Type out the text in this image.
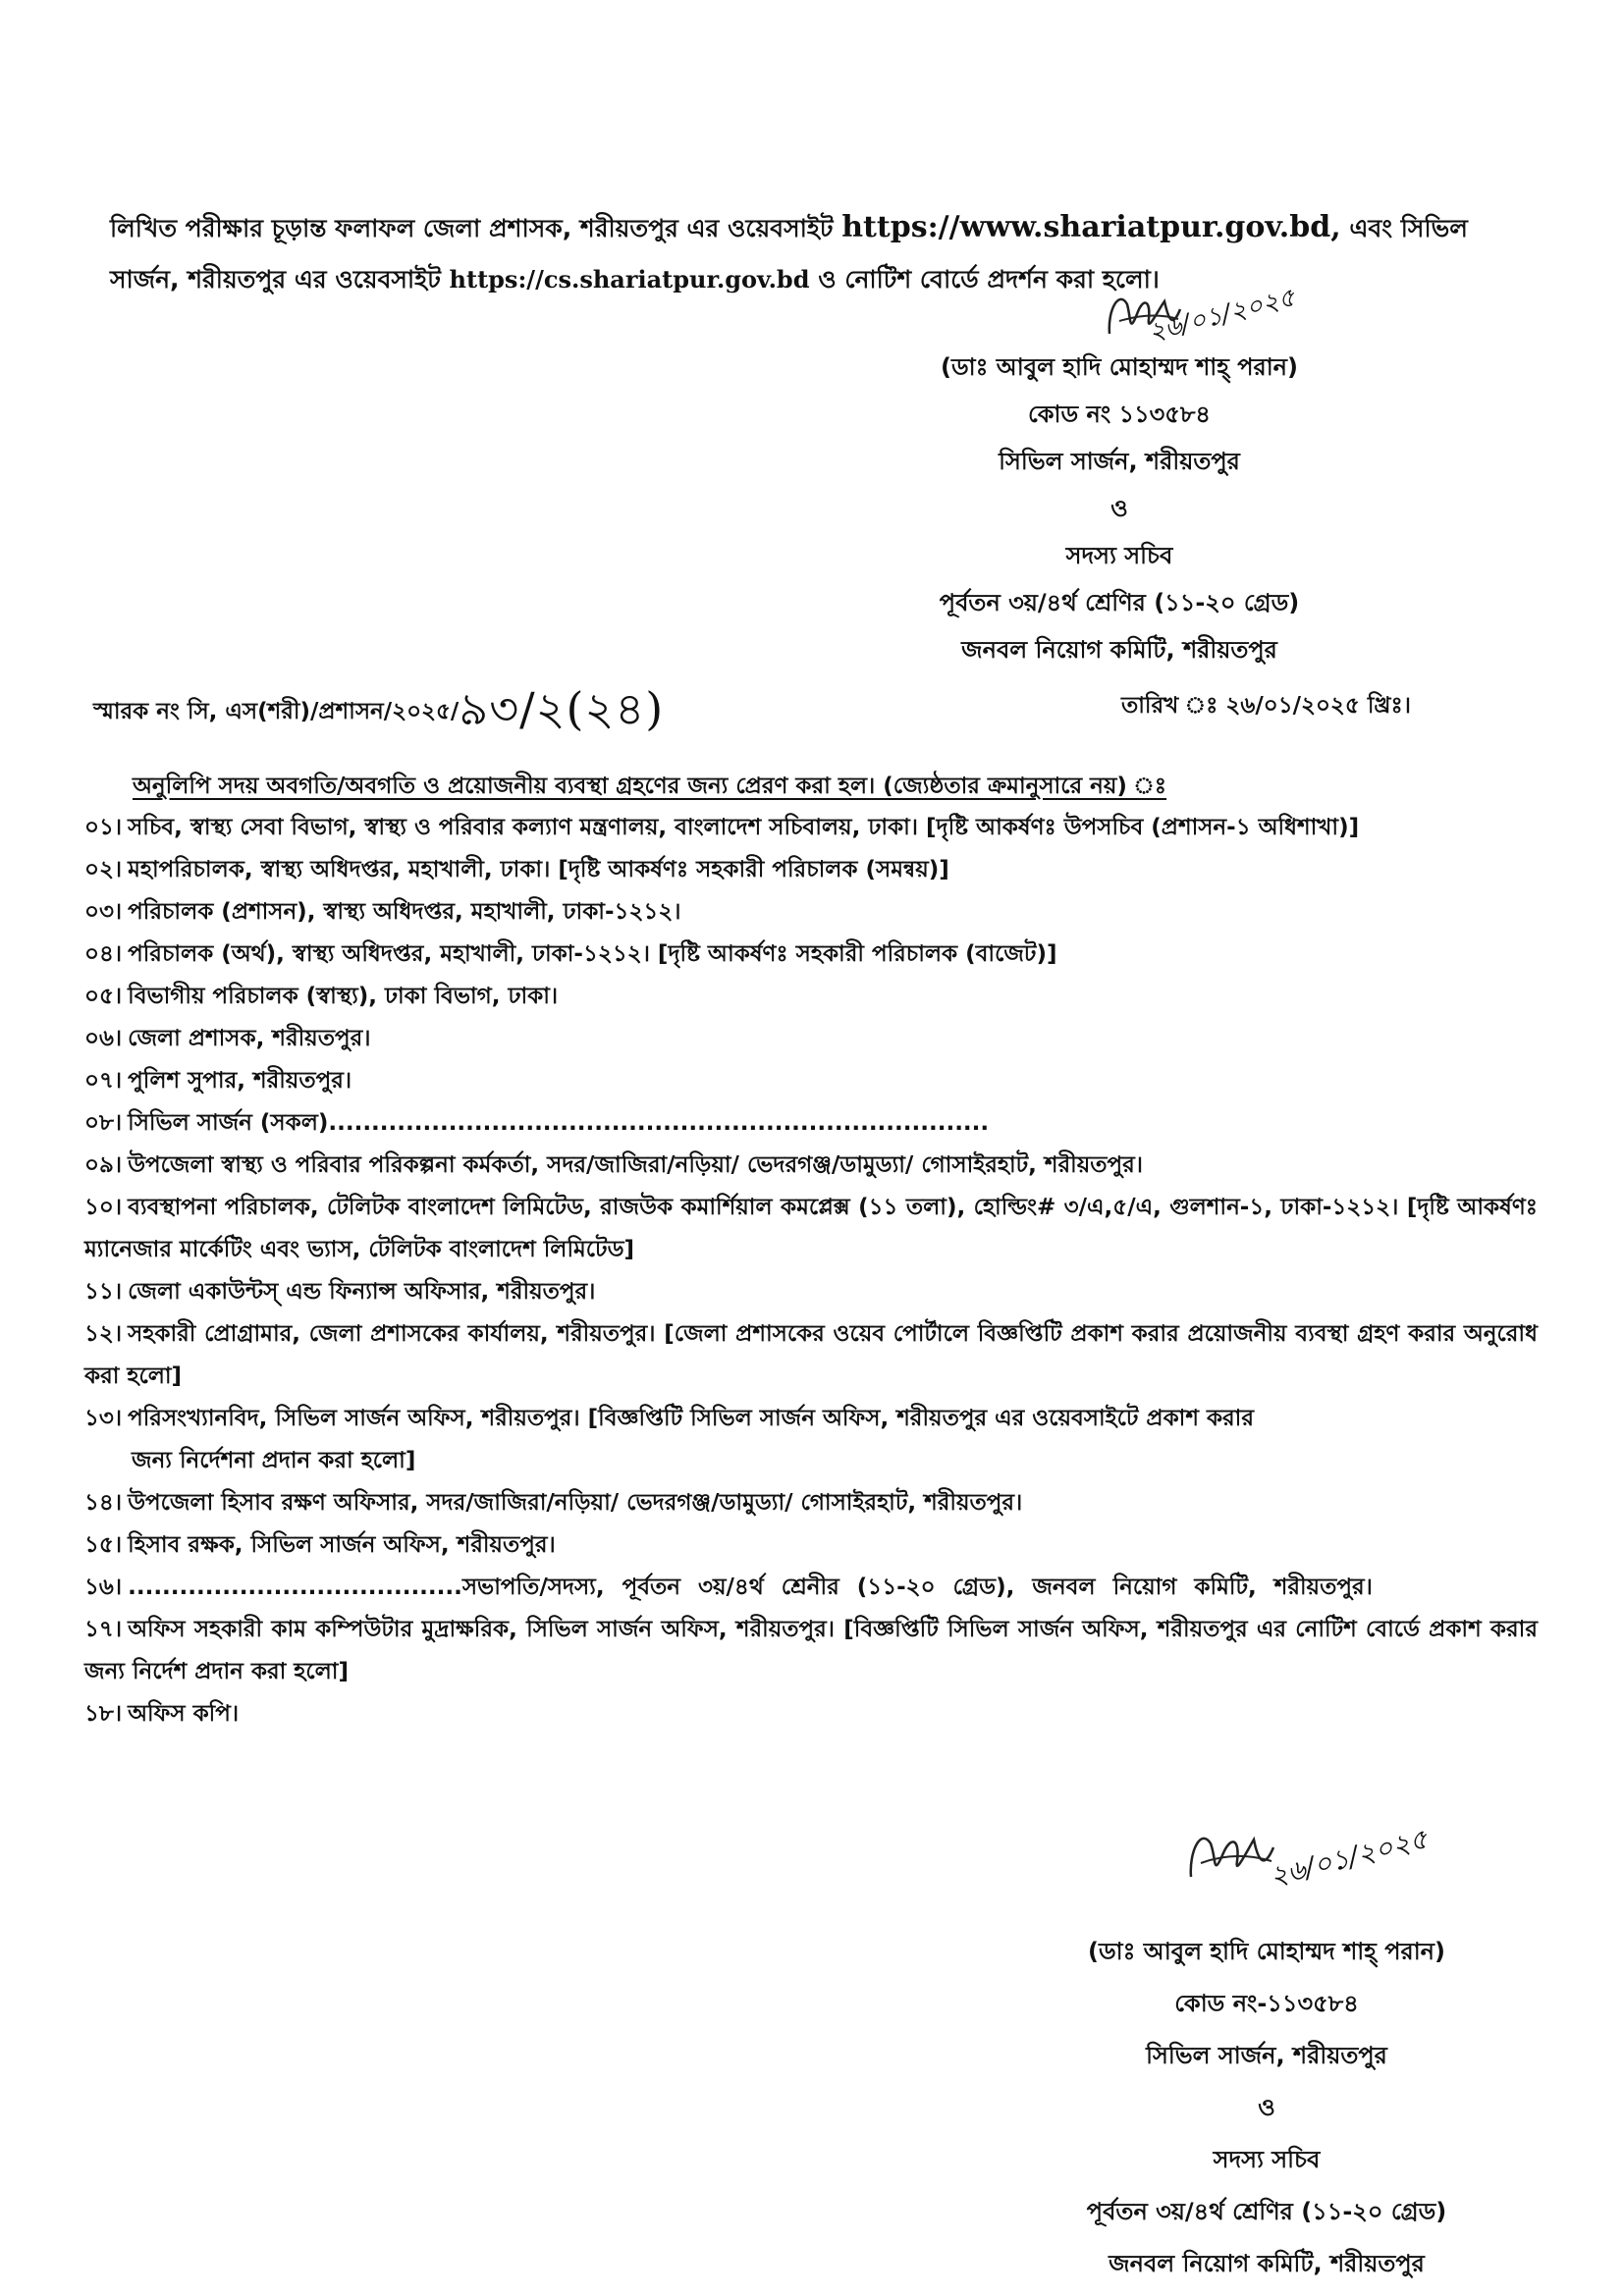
লিখিত পরীক্ষার চূড়ান্ত ফলাফল জেলা প্রশাসক, শরীয়তপুর এর ওয়েবসাইট https://www.shariatpur.gov.bd, এবং সিভিল
সার্জন, শরীয়তপুর এর ওয়েবসাইট https://cs.shariatpur.gov.bd ও নোটিশ বোর্ডে প্রদর্শন করা হলো।
২৬/০১/২০২৫
(ডাঃ আবুল হাদি মোহাম্মদ শাহ্ পরান)
কোড নং ১১৩৫৮৪
সিভিল সার্জন, শরীয়তপুর
ও
সদস্য সচিব
পূর্বতন ৩য়/৪র্থ শ্রেণির (১১-২০ গ্রেড)
জনবল নিয়োগ কমিটি, শরীয়তপুর
স্মারক নং সি, এস(শরী)/প্রশাসন/২০২৫/৯৩/২(২৪)	তারিখ ঃ ২৬/০১/২০২৫ খ্রিঃ।
অনুলিপি সদয় অবগতি/অবগতি ও প্রয়োজনীয় ব্যবস্থা গ্রহণের জন্য প্রেরণ করা হল। (জ্যেষ্ঠতার ক্রমানুসারে নয়) ঃ
০১। সচিব, স্বাস্থ্য সেবা বিভাগ, স্বাস্থ্য ও পরিবার কল্যাণ মন্ত্রণালয়, বাংলাদেশ সচিবালয়, ঢাকা। [দৃষ্টি আকর্ষণঃ উপসচিব (প্রশাসন-১ অধিশাখা)]
০২। মহাপরিচালক, স্বাস্থ্য অধিদপ্তর, মহাখালী, ঢাকা। [দৃষ্টি আকর্ষণঃ সহকারী পরিচালক (সমন্বয়)]
০৩। পরিচালক (প্রশাসন), স্বাস্থ্য অধিদপ্তর, মহাখালী, ঢাকা-১২১২।
০৪। পরিচালক (অর্থ), স্বাস্থ্য অধিদপ্তর, মহাখালী, ঢাকা-১২১২। [দৃষ্টি আকর্ষণঃ সহকারী পরিচালক (বাজেট)]
০৫। বিভাগীয় পরিচালক (স্বাস্থ্য), ঢাকা বিভাগ, ঢাকা।
০৬। জেলা প্রশাসক, শরীয়তপুর।
০৭। পুলিশ সুপার, শরীয়তপুর।
০৮। সিভিল সার্জন (সকল).............................................................................
০৯। উপজেলা স্বাস্থ্য ও পরিবার পরিকল্পনা কর্মকর্তা, সদর/জাজিরা/নড়িয়া/ ভেদরগঞ্জ/ডামুড্যা/ গোসাইরহাট, শরীয়তপুর।
১০। ব্যবস্থাপনা পরিচালক, টেলিটক বাংলাদেশ লিমিটেড, রাজউক কমার্শিয়াল কমপ্লেক্স (১১ তলা), হোল্ডিং# ৩/এ,৫/এ, গুলশান-১, ঢাকা-১২১২। [দৃষ্টি আকর্ষণঃ ম্যানেজার মার্কেটিং এবং ভ্যাস, টেলিটক বাংলাদেশ লিমিটেড]
১১। জেলা একাউন্টস্ এন্ড ফিন্যান্স অফিসার, শরীয়তপুর।
১২। সহকারী প্রোগ্রামার, জেলা প্রশাসকের কার্যালয়, শরীয়তপুর। [জেলা প্রশাসকের ওয়েব পোর্টালে বিজ্ঞপ্তিটি প্রকাশ করার প্রয়োজনীয় ব্যবস্থা গ্রহণ করার অনুরোধ করা হলো]
১৩। পরিসংখ্যানবিদ, সিভিল সার্জন অফিস, শরীয়তপুর। [বিজ্ঞপ্তিটি সিভিল সার্জন অফিস, শরীয়তপুর এর ওয়েবসাইটে প্রকাশ করার
জন্য নির্দেশনা প্রদান করা হলো]
১৪। উপজেলা হিসাব রক্ষণ অফিসার, সদর/জাজিরা/নড়িয়া/ ভেদরগঞ্জ/ডামুড্যা/ গোসাইরহাট, শরীয়তপুর।
১৫। হিসাব রক্ষক, সিভিল সার্জন অফিস, শরীয়তপুর।
১৬। .......................................সভাপতি/সদস্য, পূর্বতন ৩য়/৪র্থ শ্রেনীর (১১-২০ গ্রেড), জনবল নিয়োগ কমিটি, শরীয়তপুর।
১৭। অফিস সহকারী কাম কম্পিউটার মুদ্রাক্ষরিক, সিভিল সার্জন অফিস, শরীয়তপুর। [বিজ্ঞপ্তিটি সিভিল সার্জন অফিস, শরীয়তপুর এর নোটিশ বোর্ডে প্রকাশ করার জন্য নির্দেশ প্রদান করা হলো]
১৮। অফিস কপি।
২৬/০১/২০২৫
(ডাঃ আবুল হাদি মোহাম্মদ শাহ্ পরান)
কোড নং-১১৩৫৮৪
সিভিল সার্জন, শরীয়তপুর
ও
সদস্য সচিব
পূর্বতন ৩য়/৪র্থ শ্রেণির (১১-২০ গ্রেড)
জনবল নিয়োগ কমিটি, শরীয়তপুর
